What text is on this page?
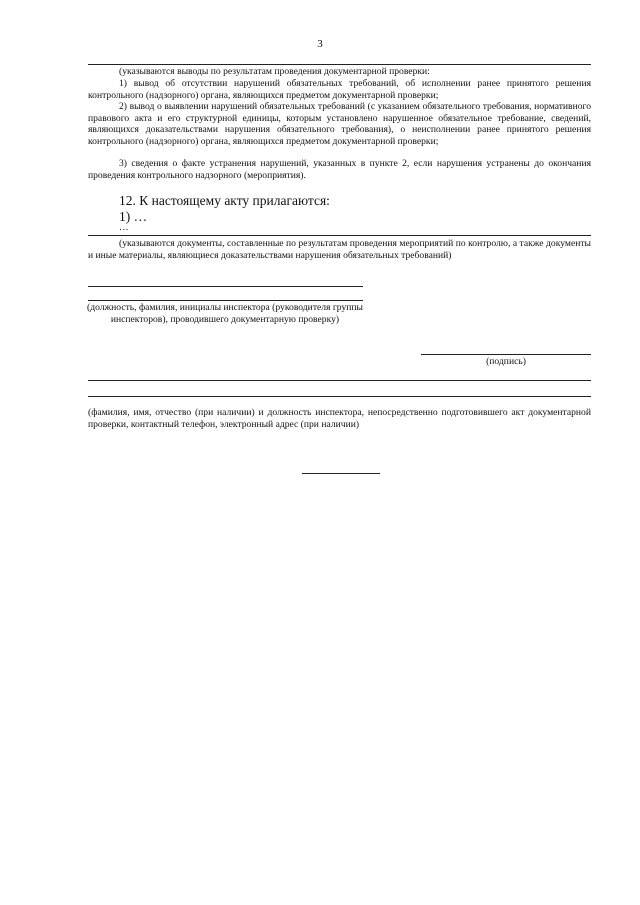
3
(указываются выводы по результатам проведения документарной проверки:
1) вывод об отсутствии нарушений обязательных требований, об исполнении ранее принятого решения контрольного (надзорного) органа, являющихся предметом документарной проверки;
2) вывод о выявлении нарушений обязательных требований (с указанием обязательного требования, нормативного правового акта и его структурной единицы, которым установлено нарушенное обязательное требование, сведений, являющихся доказательствами нарушения обязательного требования), о неисполнении ранее принятого решения контрольного (надзорного) органа, являющихся предметом документарной проверки;
3) сведения о факте устранения нарушений, указанных в пункте 2, если нарушения устранены до окончания проведения контрольного надзорного (мероприятия).
12. К настоящему акту прилагаются:
1) …
…
(указываются документы, составленные по результатам проведения мероприятий по контролю, а также документы и иные материалы, являющиеся доказательствами нарушения обязательных требований)
(должность, фамилия, инициалы инспектора (руководителя группы инспекторов), проводившего документарную проверку)
(подпись)
(фамилия, имя, отчество (при наличии) и должность инспектора, непосредственно подготовившего акт документарной проверки, контактный телефон, электронный адрес (при наличии)
